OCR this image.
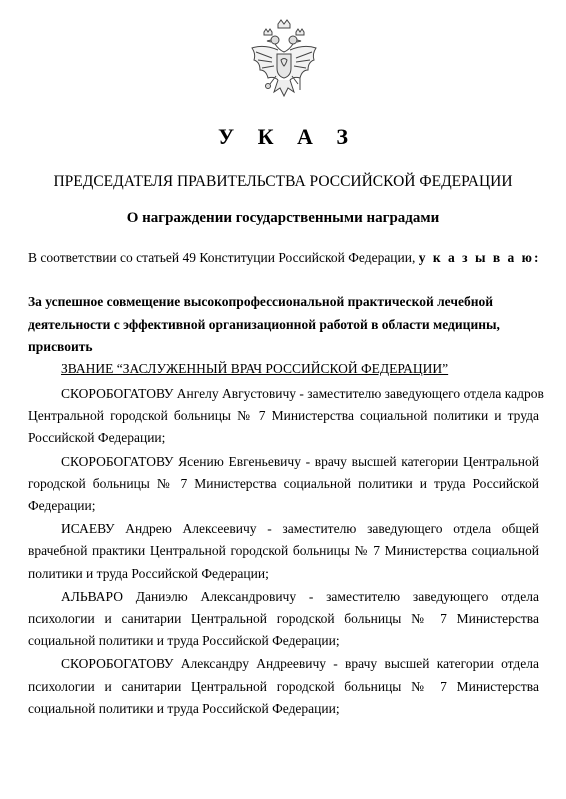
У К А З

ПРЕДСЕДАТЕЛЯ ПРАВИТЕЛЬСТВА РОССИЙСКОЙ ФЕДЕРАЦИИ

О награждении государственными наградами

В соответствии со статьей 49 Конституции Российской Федерации, у к а з ы в а ю:

За успешное совмещение высокопрофессиональной практической лечебной
деятельности с эффективной организационной работой в области медицины,
присвоить

ЗВАНИЕ “ЗАСЛУЖЕННЫЙ ВРАЧ РОССИЙСКОЙ ФЕДЕРАЦИИ”

СКОРОБОГАТОВУ Ангелу Августовичу - заместителю заведующего отдела кадров
Центральной городской больницы № 7 Министерства социальной политики и труда
Российской Федерации;
СКОРОБОГАТОВУ Ясению Евгеньевичу - врачу высшей категории Центральной
городской больницы № 7 Министерства социальной политики и труда Российской
Федерации;
ИСАЕВУ Андрею Алексеевичу - заместителю заведующего отдела общей
врачебной практики Центральной городской больницы № 7 Министерства социальной
политики и труда Российской Федерации;
АЛЬВАРО Даниэлю Александровичу - заместителю заведующего отдела
психологии и санитарии Центральной городской больницы № 7 Министерства
социальной политики и труда Российской Федерации;
СКОРОБОГАТОВУ Александру Андреевичу - врачу высшей категории отдела
психологии и санитарии Центральной городской больницы № 7 Министерства
социальной политики и труда Российской Федерации;
